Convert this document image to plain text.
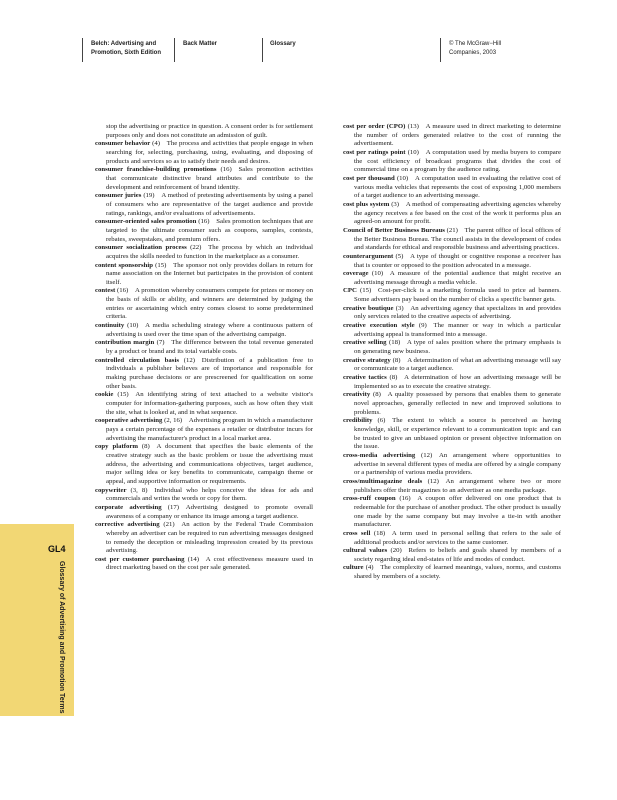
Belch: Advertising and
Promotion, Sixth Edition
Back Matter	Glossary	© The McGraw−Hill
Companies, 2003
GL4
Glossary of Advertising and Promotion Terms

stop the advertising or practice in question. A consent order is for settlement purposes only and does not constitute an admission of guilt.

consumer behavior (4)  The process and activities that people engage in when searching for, selecting, purchasing, using, evaluating, and disposing of products and services so as to satisfy their needs and desires.

consumer franchise-building promotions (16)  Sales promotion activities that communicate distinctive brand attributes and contribute to the development and reinforcement of brand identity.

consumer juries (19)  A method of pretesting advertisements by using a panel of consumers who are representative of the target audience and provide ratings, rankings, and/or evaluations of advertisements.

consumer-oriented sales promotion (16)  Sales promotion techniques that are targeted to the ultimate consumer such as coupons, samples, contests, rebates, sweepstakes, and premium offers.

consumer socialization process (22)  The process by which an individual acquires the skills needed to function in the marketplace as a consumer.

content sponsorship (15)  The sponsor not only provides dollars in return for name association on the Internet but participates in the provision of content itself.

contest (16)  A promotion whereby consumers compete for prizes or money on the basis of skills or ability, and winners are determined by judging the entries or ascertaining which entry comes closest to some predetermined criteria.

continuity (10)  A media scheduling strategy where a continuous pattern of advertising is used over the time span of the advertising campaign.

contribution margin (7)  The difference between the total revenue generated by a product or brand and its total variable costs.

controlled circulation basis (12)  Distribution of a publication free to individuals a publisher believes are of importance and responsible for making purchase decisions or are prescreened for qualification on some other basis.

cookie (15)  An identifying string of text attached to a website visitor's computer for information-gathering purposes, such as how often they visit the site, what is looked at, and in what sequence.

cooperative advertising (2, 16)  Advertising program in which a manufacturer pays a certain percentage of the expenses a retailer or distributor incurs for advertising the manufacturer's product in a local market area.

copy platform (8)  A document that specifies the basic elements of the creative strategy such as the basic problem or issue the advertising must address, the advertising and communications objectives, target audience, major selling idea or key benefits to communicate, campaign theme or appeal, and supportive information or requirements.

copywriter (3, 8)  Individual who helps conceive the ideas for ads and commercials and writes the words or copy for them.

corporate advertising (17)  Advertising designed to promote overall awareness of a company or enhance its image among a target audience.

corrective advertising (21)  An action by the Federal Trade Commission whereby an advertiser can be required to run advertising messages designed to remedy the deception or misleading impression created by its previous advertising.

cost per customer purchasing (14)  A cost effectiveness measure used in direct marketing based on the cost per sale generated.

cost per order (CPO) (13)  A measure used in direct marketing to determine the number of orders generated relative to the cost of running the advertisement.

cost per ratings point (10)  A computation used by media buyers to compare the cost efficiency of broadcast programs that divides the cost of commercial time on a program by the audience rating.

cost per thousand (10)  A computation used in evaluating the relative cost of various media vehicles that represents the cost of exposing 1,000 members of a target audience to an advertising message.

cost plus system (3)  A method of compensating advertising agencies whereby the agency receives a fee based on the cost of the work it performs plus an agreed-on amount for profit.

Council of Better Business Bureaus (21)  The parent office of local offices of the Better Business Bureau. The council assists in the development of codes and standards for ethical and responsible business and advertising practices.

counterargument (5)  A type of thought or cognitive response a receiver has that is counter or opposed to the position advocated in a message.

coverage (10)  A measure of the potential audience that might receive an advertising message through a media vehicle.

CPC (15)  Cost-per-click is a marketing formula used to price ad banners. Some advertisers pay based on the number of clicks a specific banner gets.

creative boutique (3)  An advertising agency that specializes in and provides only services related to the creative aspects of advertising.

creative execution style (9)  The manner or way in which a particular advertising appeal is transformed into a message.

creative selling (18)  A type of sales position where the primary emphasis is on generating new business.

creative strategy (8)  A determination of what an advertising message will say or communicate to a target audience.

creative tactics (8)  A determination of how an advertising message will be implemented so as to execute the creative strategy.

creativity (8)  A quality possessed by persons that enables them to generate novel approaches, generally reflected in new and improved solutions to problems.

credibility (6)  The extent to which a source is perceived as having knowledge, skill, or experience relevant to a communication topic and can be trusted to give an unbiased opinion or present objective information on the issue.

cross-media advertising (12)  An arrangement where opportunities to advertise in several different types of media are offered by a single company or a partnership of various media providers.

cross/multimagazine deals (12)  An arrangement where two or more publishers offer their magazines to an advertiser as one media package.

cross-ruff coupon (16)  A coupon offer delivered on one product that is redeemable for the purchase of another product. The other product is usually one made by the same company but may involve a tie-in with another manufacturer.

cross sell (18)  A term used in personal selling that refers to the sale of additional products and/or services to the same customer.

cultural values (20)  Refers to beliefs and goals shared by members of a society regarding ideal end-states of life and modes of conduct.

culture (4)  The complexity of learned meanings, values, norms, and customs shared by members of a society.
